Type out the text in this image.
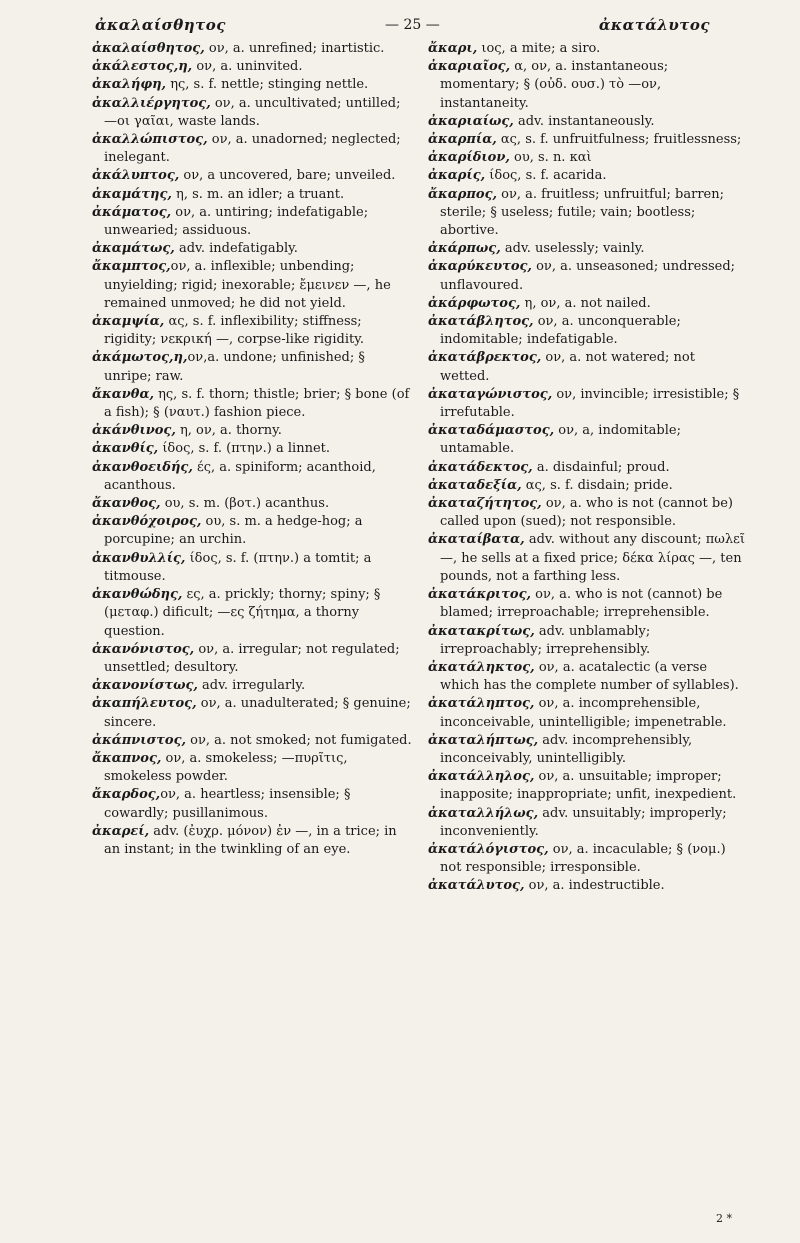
ἀκαλαίσθητος	— 25 —	ἀκατάλυτος

ἀκαλαίσθητος, ον, a. unrefined; inartistic.

ἀκάλεστος,η, ον, a. uninvited.

ἀκαλήφη, ης, s. f. nettle; stinging nettle.

ἀκαλλιέργητος, ον, a. uncultivated; untilled; —οι γαῖαι, waste lands.

ἀκαλλώπιστος, ον, a. unadorned; neglected; inelegant.

ἀκάλυπτος, ον, a uncovered, bare; unveiled.

ἀκαμάτης, η, s. m. an idler; a truant.

ἀκάματος, ον, a. untiring; indefatigable; unwearied; assiduous.

ἀκαμάτως, adv. indefatigably.

ἄκαμπτος,ον, a. inflexible; unbending; unyielding; rigid; inexorable; ἔμεινεν —, he remained unmoved; he did not yield.

ἀκαμψία, ας, s. f. inflexibility; stiffness; rigidity; νεκρική —, corpse-like rigidity.

ἀκάμωτος,η,ον,a. undone; unfinished; § unripe; raw.

ἄκανθα, ης, s. f. thorn; thistle; brier; § bone (of a fish); § (ναυτ.) fashion piece.

ἀκάνθινος, η, ον, a. thorny.

ἀκανθίς, ίδος, s. f. (πτην.) a linnet.

ἀκανθοειδής, ές, a. spiniform; acanthoid, acanthous.

ἄκανθος, ου, s. m. (βοτ.) acanthus.

ἀκανθόχοιρος, ου, s. m. a hedge-hog; a porcupine; an urchin.

ἀκανθυλλίς, ίδος, s. f. (πτην.) a tomtit; a titmouse.

ἀκανθώδης, ες, a. prickly; thorny; spiny; § (μεταφ.) dificult; —ες ζήτημα, a thorny question.

ἀκανόνιστος, ον, a. irregular; not regulated; unsettled; desultory.

ἀκανονίστως, adv. irregularly.

ἀκαπήλευτος, ον, a. unadulterated; § genuine; sincere.

ἀκάπνιστος, ον, a. not smoked; not fumigated.

ἄκαπνος, ον, a. smokeless; —πυρῖτις, smokeless powder.

ἄκαρδος,ον, a. heartless; insensible; § cowardly; pusillanimous.

ἀκαρεί, adv. (ἐυχρ. μόνον) ἐν —, in a trice; in an instant; in the twinkling of an eye.

ἄκαρι, ιος, a mite; a siro.

ἀκαριαῖος, α, ον, a. instantaneous; momentary; § (οὐδ. ουσ.) τὸ —ον, instantaneity.

ἀκαριαίως, adv. instantaneously.

ἀκαρπία, ας, s. f. unfruitfulness; fruitlessness;

ἀκαρίδιον, ου, s. n. καὶ

ἀκαρίς, ίδος, s. f. acarida.

ἄκαρπος, ον, a. fruitless; unfruitful; barren; sterile; § useless; futile; vain; bootless; abortive.

ἀκάρπως, adv. uselessly; vainly.

ἀκαρύκευτος, ον, a. unseasoned; undressed; unflavoured.

ἀκάρφωτος, η, ον, a. not nailed.

ἀκατάβλητος, ον, a. unconquerable; indomitable; indefatigable.

ἀκατάβρεκτος, ον, a. not watered; not wetted.

ἀκαταγώνιστος, ον, invincible; irresistible; § irrefutable.

ἀκαταδάμαστος, ον, a, indomitable; untamable.

ἀκατάδεκτος, a. disdainful; proud.

ἀκαταδεξία, ας, s. f. disdain; pride.

ἀκαταζήτητος, ον, a. who is not (cannot be) called upon (sued); not responsible.

ἀκαταίβατα, adv. without any discount; πωλεῖ —, he sells at a fixed price; δέκα λίρας —, ten pounds, not a farthing less.

ἀκατάκριτος, ον, a. who is not (cannot) be blamed; irreproachable; irreprehensible.

ἀκατακρίτως, adv. unblamably; irreproachably; irreprehensibly.

ἀκατάληκτος, ον, a. acatalectic (a verse which has the complete number of syllables).

ἀκατάληπτος, ον, a. incomprehensible, inconceivable, unintelligible; impenetrable.

ἀκαταλήπτως, adv. incomprehensibly, inconceivably, unintelligibly.

ἀκατάλληλος, ον, a. unsuitable; improper; inapposite; inappropriate; unfit, inexpedient.

ἀκαταλλήλως, adv. unsuitably; improperly; inconveniently.

ἀκατάλόγιστος, ον, a. incaculable; § (νομ.) not responsible; irresponsible.

ἀκατάλυτος, ον, a. indestructible.

2 *
